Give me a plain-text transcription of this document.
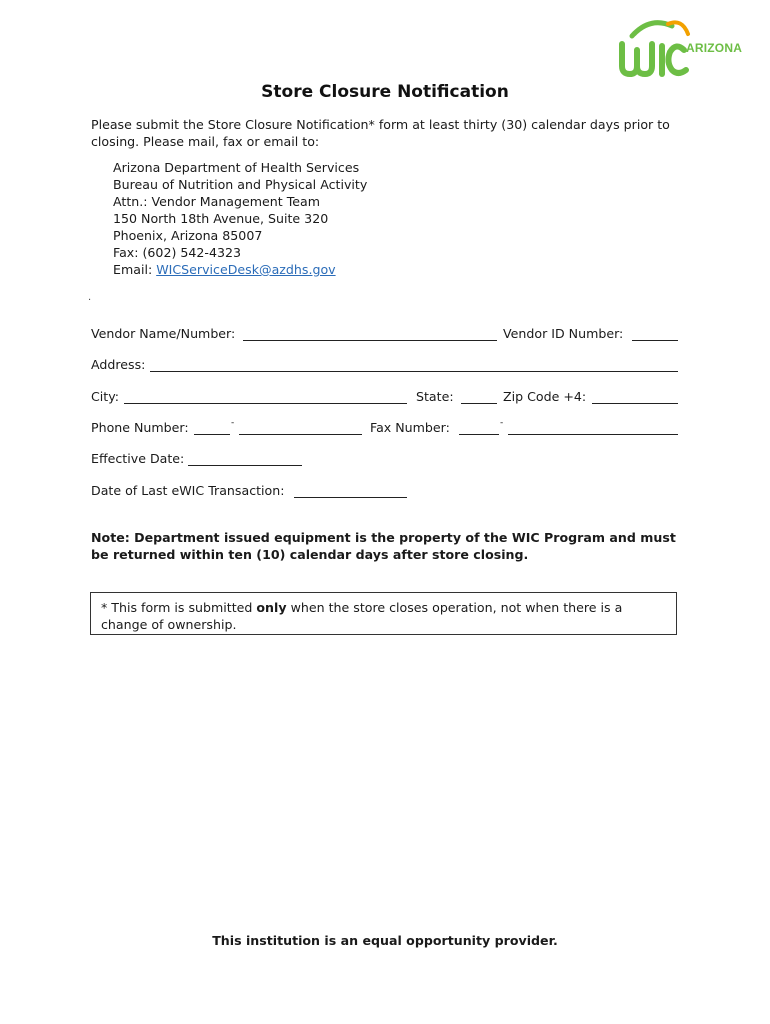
ARIZONA
Store Closure Notification

Please submit the Store Closure Notification* form at least thirty (30) calendar days prior to closing. Please mail, fax or email to:

Arizona Department of Health Services
Bureau of Nutrition and Physical Activity
Attn.: Vendor Management Team
150 North 18th Avenue, Suite 320
Phoenix, Arizona 85007
Fax: (602) 542-4323
Email: WICServiceDesk@azdhs.gov
.
Vendor Name/Number:	Vendor ID Number:
Address:
City:	State:	Zip Code +4:
Phone Number:	-	Fax Number:	-
Effective Date:
Date of Last eWIC Transaction:
Note: Department issued equipment is the property of the WIC Program and must be returned within ten (10) calendar days after store closing.
* This form is submitted only when the store closes operation, not when there is a change of ownership.
This institution is an equal opportunity provider.
